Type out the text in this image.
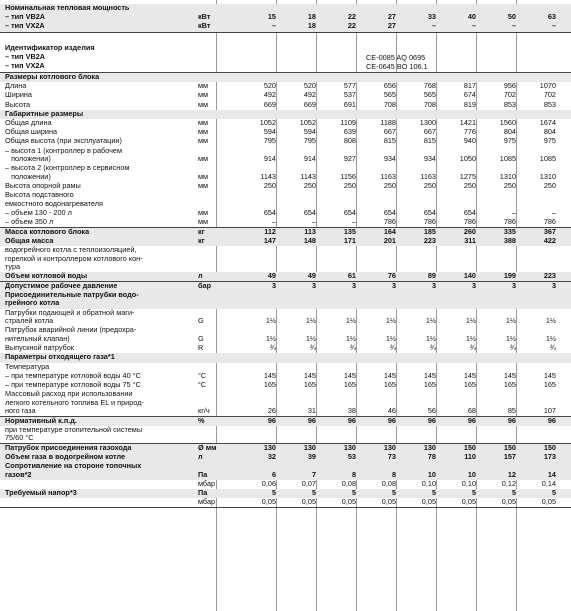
Номинальная тепловая мощность
– тип VB2A	кВт	15	18	22	27	33	40	50	63
– тип VX2A	кВт	–	18	22	27	–	–	–	–
Размеры котлового блока
Длина	мм	520	520	577	656	768	817	956	1070
Ширина	мм	492	492	537	565	565	674	702	702
Высота	мм	669	669	691	708	708	819	853	853
Габаритные размеры
Общая длина	мм	1052	1052	1109	1188	1300	1421	1560	1674
Общая ширина	мм	594	594	639	667	667	776	804	804
Общая высота (при эксплуатации)	мм	795	795	808	815	815	940	975	975
– высота 1 (контроллер в рабочем
положении)	мм	914	914	927	934	934	1050	1085	1085
– высота 2 (контроллер в сервисном
положении)	мм	1143	1143	1156	1163	1163	1275	1310	1310
Высота опорной рамы	мм	250	250	250	250	250	250	250	250
Высота подставного
емкостного водонагревателя
– объем 130 - 200 л	мм	654	654	654	654	654	654	–	–
– объем 350 л	мм	–	–	–	786	786	786	786	786
Масса котлового блока	кг	112	113	135	164	185	260	335	367
Общая масса	кг	147	148	171	201	223	311	388	422
водогрейного котла с теплоизоляцией,
горелкой и контроллером котлового кон-
тура
Объем котловой воды	л	49	49	61	76	89	140	199	223
Допустимое рабочее давление	бар	3	3	3	3	3	3	3	3
Присоединительные патрубки водо-
грейного котла
Патрубки подающей и обратной маги-
стралей котла	G	1½	1½	1½	1½	1½	1½	1½	1½
Патрубок аварийной линии (предохра-
нительный клапан)	G	1½	1½	1½	1½	1½	1½	1½	1½
Выпускной патрубок	R	¾	¾	¾	¾	¾	¾	¾	¾
Параметры отходящего газа*1
Температура
– при температуре котловой воды 40 °C	°C	145	145	145	145	145	145	145	145
– при температуре котловой воды 75 °C	°C	165	165	165	165	165	165	165	165
Массовый расход при использовании
легкого котельного топлива EL и природ-
ного газа	кг/ч	26	31	38	46	56	68	85	107
Нормативный к.п.д.	%	96	96	96	96	96	96	96	96
при температуре отопительной системы
75/60 °C
Патрубок присоединения газохода	Ø мм	130	130	130	130	130	150	150	150
Объем газа в водогрейном котле	л	32	39	53	73	78	110	157	173
Сопротивление на стороне топочных
газов*2	Па	6	7	8	8	10	10	12	14
мбар	0,06	0,07	0,08	0,08	0,10	0,10	0,12	0,14
Требуемый напор*3	Па	5	5	5	5	5	5	5	5
мбар	0,05	0,05	0,05	0,05	0,05	0,05	0,05	0,05
Идентификатор изделия
– тип VB2A
– тип VX2A
CE-0085 AQ 0695
CE-0645 BO 106.1
